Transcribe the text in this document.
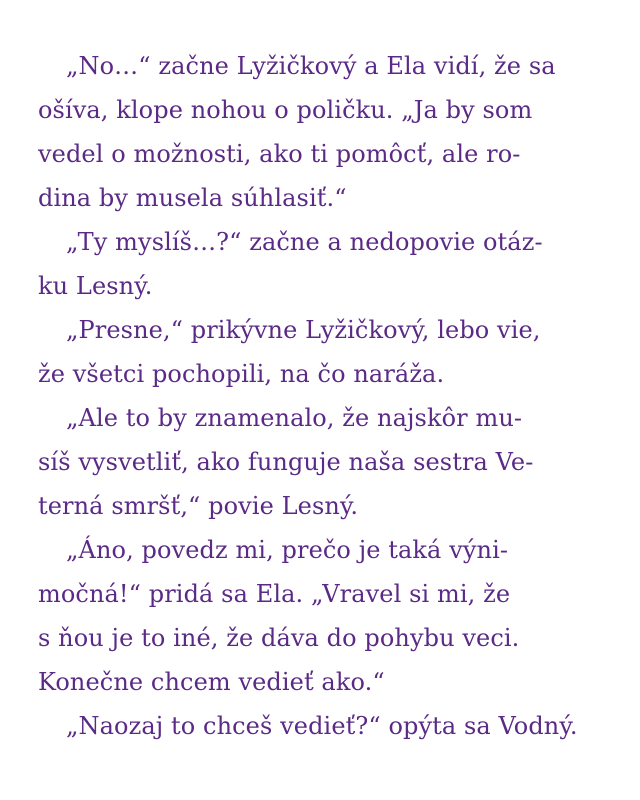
„No…“ začne Lyžičkový a Ela vidí, že sa
ošíva, klope nohou o poličku. „Ja by som
vedel o možnosti, ako ti pomôcť, ale ro-
dina by musela súhlasiť.“
„Ty myslíš…?“ začne a nedopovie otáz-
ku Lesný.
„Presne,“ prikývne Lyžičkový, lebo vie,
že všetci pochopili, na čo naráža.
„Ale to by znamenalo, že najskôr mu-
síš vysvetliť, ako funguje naša sestra Ve-
terná smršť,“ povie Lesný.
„Áno, povedz mi, prečo je taká výni-
močná!“ pridá sa Ela. „Vravel si mi, že
s ňou je to iné, že dáva do pohybu veci.
Konečne chcem vedieť ako.“
„Naozaj to chceš vedieť?“ opýta sa Vodný.
